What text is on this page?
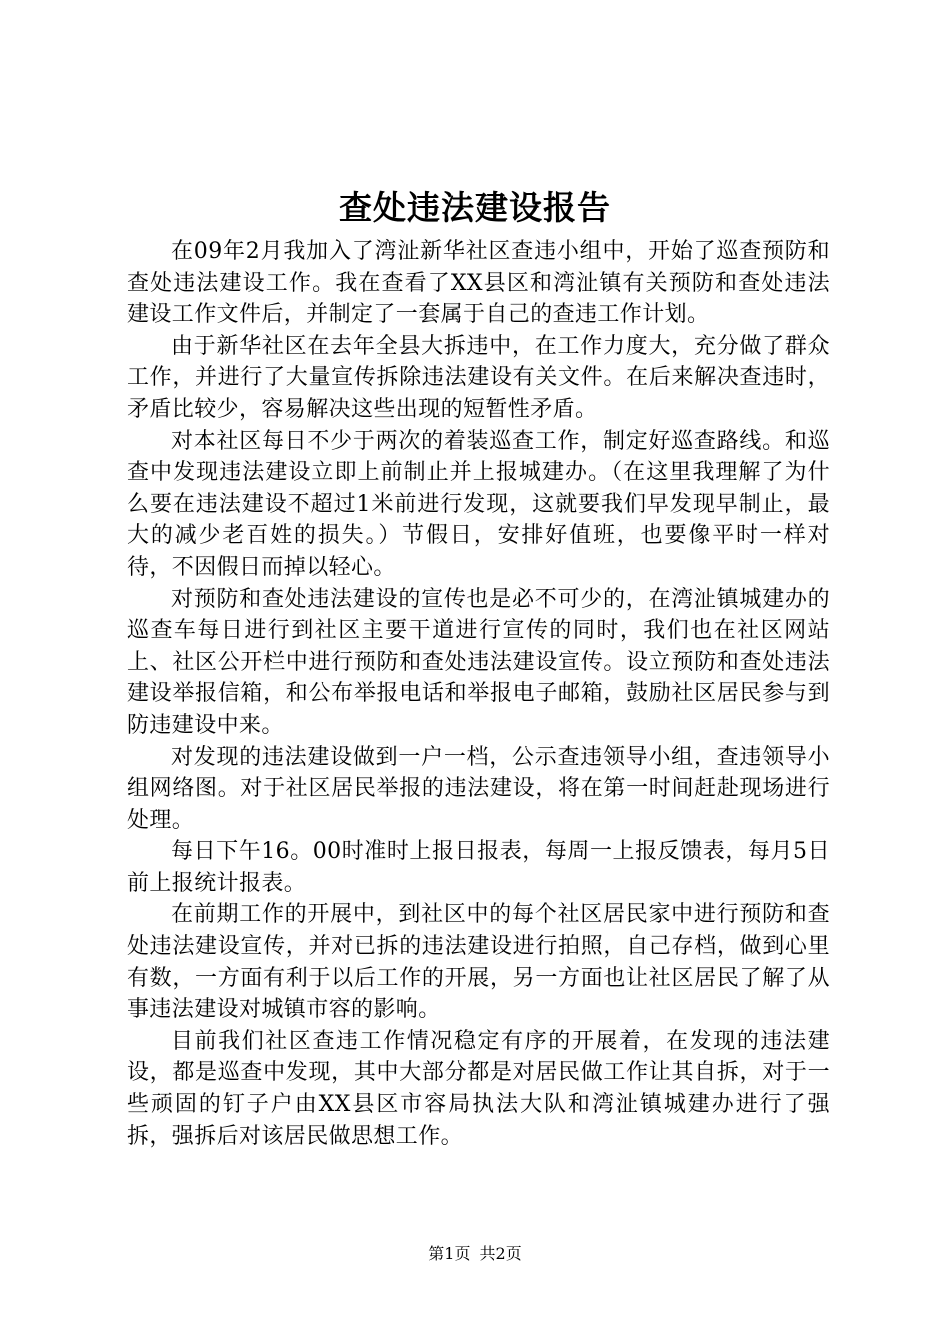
查处违法建设报告

在09年2月我加入了湾沚新华社区查违小组中，开始了巡查预防和查处违法建设工作。我在查看了XX县区和湾沚镇有关预防和查处违法建设工作文件后，并制定了一套属于自己的查违工作计划。

由于新华社区在去年全县大拆违中，在工作力度大，充分做了群众工作，并进行了大量宣传拆除违法建设有关文件。在后来解决查违时，矛盾比较少，容易解决这些出现的短暂性矛盾。

对本社区每日不少于两次的着装巡查工作，制定好巡查路线。和巡查中发现违法建设立即上前制止并上报城建办。（在这里我理解了为什么要在违法建设不超过1米前进行发现，这就要我们早发现早制止，最大的减少老百姓的损失。）节假日，安排好值班，也要像平时一样对待，不因假日而掉以轻心。

对预防和查处违法建设的宣传也是必不可少的，在湾沚镇城建办的巡查车每日进行到社区主要干道进行宣传的同时，我们也在社区网站上、社区公开栏中进行预防和查处违法建设宣传。设立预防和查处违法建设举报信箱，和公布举报电话和举报电子邮箱，鼓励社区居民参与到防违建设中来。

对发现的违法建设做到一户一档，公示查违领导小组，查违领导小组网络图。对于社区居民举报的违法建设，将在第一时间赶赴现场进行处理。

每日下午16。00时准时上报日报表，每周一上报反馈表，每月5日前上报统计报表。

在前期工作的开展中，到社区中的每个社区居民家中进行预防和查处违法建设宣传，并对已拆的违法建设进行拍照，自己存档，做到心里有数，一方面有利于以后工作的开展，另一方面也让社区居民了解了从事违法建设对城镇市容的影响。

目前我们社区查违工作情况稳定有序的开展着，在发现的违法建设，都是巡查中发现，其中大部分都是对居民做工作让其自拆，对于一些顽固的钉子户由XX县区市容局执法大队和湾沚镇城建办进行了强拆，强拆后对该居民做思想工作。

第1页 共2页
